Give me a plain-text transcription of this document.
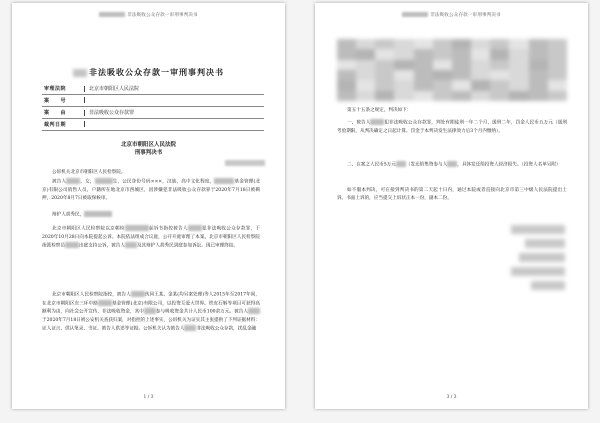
非法吸收公众存款一审刑事判决书
非法吸收公众存款一审刑事判决书
审理法院	北京市朝阳区人民法院
案　　号	
案　　由	非法吸收公众存款罪
裁判日期	
北京市朝阳区人民法院
刑事判决书
公诉机关北京市朝阳区人民检察院。
被告人	，女，	生，公民身份号码×××，汉族，高中文化程度，	基金管理(北京)有限公司销售人员，户籍所在地北京市西城区，因涉嫌犯非法吸收公众存款罪于2020年7月18日被羁押，2020年8月7日被取保候审。
辩护人胡秀民，
北京市朝阳区人民检察院以京朝检	起诉书指控被告人	犯非法吸收公众存款罪，于2020年10月28日向本院提起公诉。本院依法组成合议庭，公开开庭审理了本案。北京市朝阳区人民检察院指派检察员	出庭支持公诉，被告人	及其辩护人胡秀民到庭参加诉讼。现已审理终结。
北京市朝阳区人民检察院指控，被告人	伙同王某、金某(均另案处理)等人2015年至2017年间，在北京市朝阳区东三环中路	基金管理(北京)有限公司，以投资互爱大世界、铁皮石斛等项目可获得高额利为由，向社会公开宣传，非法吸收资金，其中	参与吸收资金共计人民币100余万元。被告人于2020年7月18日被公安机关查获归案，对指控的上述事实，公诉机关为证实其主张提供了下列证据材料：证人证言、供认笔录、书证、被告人供述等证据。公诉机关认为被告人	非法吸收公众存款，扰乱金融
1 / 3
非法吸收公众存款一审刑事判决书
第五十五条之规定，判决如下：
一、被告人	犯非法吸收公众存款罪，判处有期徒刑一年二个月，缓刑二年，罚金人民币五万元（缓刑考验期限，从判决确定之日起计算。罚金于本判决发生法律效力后3个月内缴纳）。
二、在案之人民币5万元 （发还给集资参与人 ，具体发还给投资人经济损失。（投资人名单另附）
如不服本判决，可在接到判决书的第二天起十日内，通过本院或者直接向北京市第三中级人民法院提出上诉。书面上诉的，应当提交上诉状正本一份，副本二份。
3 / 3
